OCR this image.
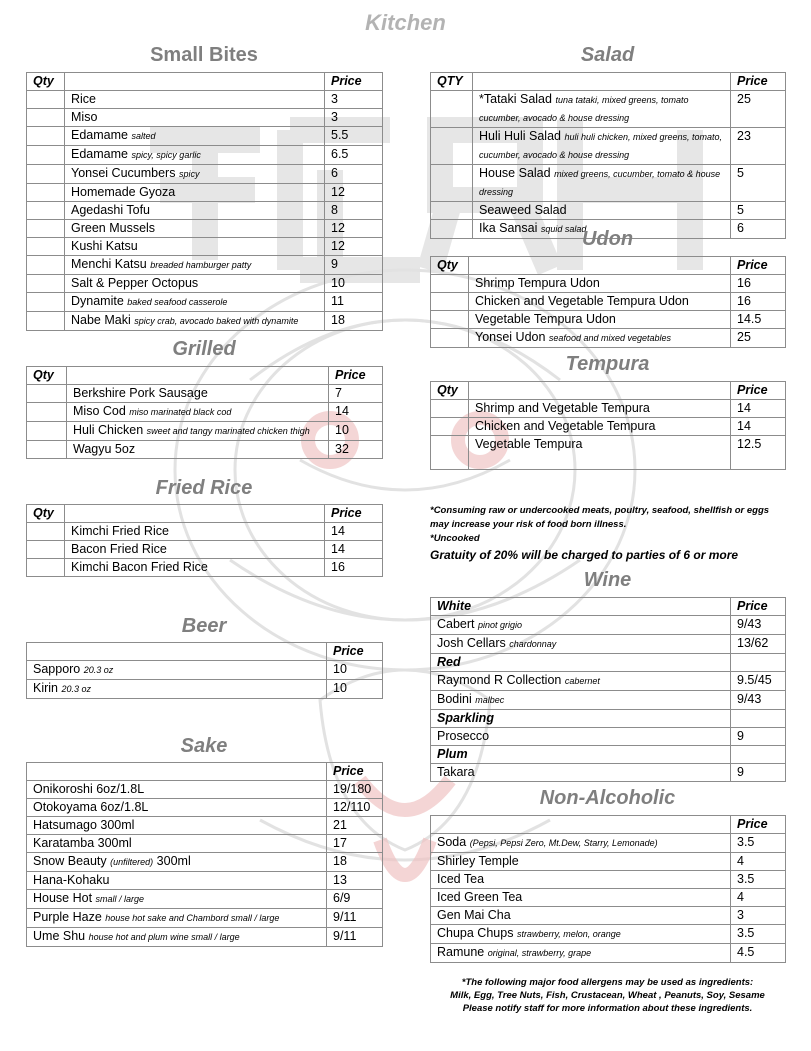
Kitchen
Small Bites
Qty		Price
	Rice	3
	Miso	3
	Edamame salted	5.5
	Edamame spicy, spicy garlic	6.5
	Yonsei Cucumbers spicy	6
	Homemade Gyoza	12
	Agedashi Tofu	8
	Green Mussels	12
	Kushi Katsu	12
	Menchi Katsu breaded hamburger patty	9
	Salt & Pepper Octopus	10
	Dynamite baked seafood casserole	11
	Nabe Maki spicy crab, avocado baked with dynamite	18
Grilled
Qty		Price
	Berkshire Pork Sausage	7
	Miso Cod miso marinated black cod	14
	Huli Chicken sweet and tangy marinated chicken thigh	10
	Wagyu 5oz	32
Fried Rice
Qty		Price
	Kimchi Fried Rice	14
	Bacon Fried Rice	14
	Kimchi Bacon Fried Rice	16
Beer
	Price
Sapporo 20.3 oz	10
Kirin 20.3 oz	10
Sake
	Price
Onikoroshi 6oz/1.8L	19/180
Otokoyama 6oz/1.8L	12/110
Hatsumago 300ml	21
Karatamba 300ml	17
Snow Beauty (unfiltered) 300ml	18
Hana-Kohaku	13
House Hot small / large	6/9
Purple Haze house hot sake and Chambord small / large	9/11
Ume Shu house hot and plum wine small / large	9/11
Salad
QTY		Price
	*Tataki Salad tuna tataki, mixed greens, tomato cucumber, avocado & house dressing	25
	Huli Huli Salad huli huli chicken, mixed greens, tomato, cucumber, avocado & house dressing	23
	House Salad mixed greens, cucumber, tomato & house dressing	5
	Seaweed Salad	5
	Ika Sansai squid salad	6
Udon
Qty		Price
	Shrimp Tempura Udon	16
	Chicken and Vegetable Tempura Udon	16
	Vegetable Tempura Udon	14.5
	Yonsei Udon seafood and mixed vegetables	25
Tempura
Qty		Price
	Shrimp and Vegetable Tempura	14
	Chicken and Vegetable Tempura	14
	Vegetable Tempura	12.5
*Consuming raw or undercooked meats, poultry, seafood, shellfish or eggs may increase your risk of food born illness.
*Uncooked
Gratuity of 20% will be charged to parties of 6 or more
Wine
White	Price
Cabert pinot grigio	9/43
Josh Cellars chardonnay	13/62
Red	
Raymond R Collection cabernet	9.5/45
Bodini malbec	9/43
Sparkling	
Prosecco	9
Plum	
Takara	9
Non-Alcoholic
	Price
Soda (Pepsi, Pepsi Zero, Mt.Dew, Starry, Lemonade)	3.5
Shirley Temple	4
Iced Tea	3.5
Iced Green Tea	4
Gen Mai Cha	3
Chupa Chups strawberry, melon, orange	3.5
Ramune original, strawberry, grape	4.5
*The following major food allergens may be used as ingredients:
Milk, Egg, Tree Nuts, Fish, Crustacean, Wheat , Peanuts, Soy, Sesame
Please notify staff for more information about these ingredients.
